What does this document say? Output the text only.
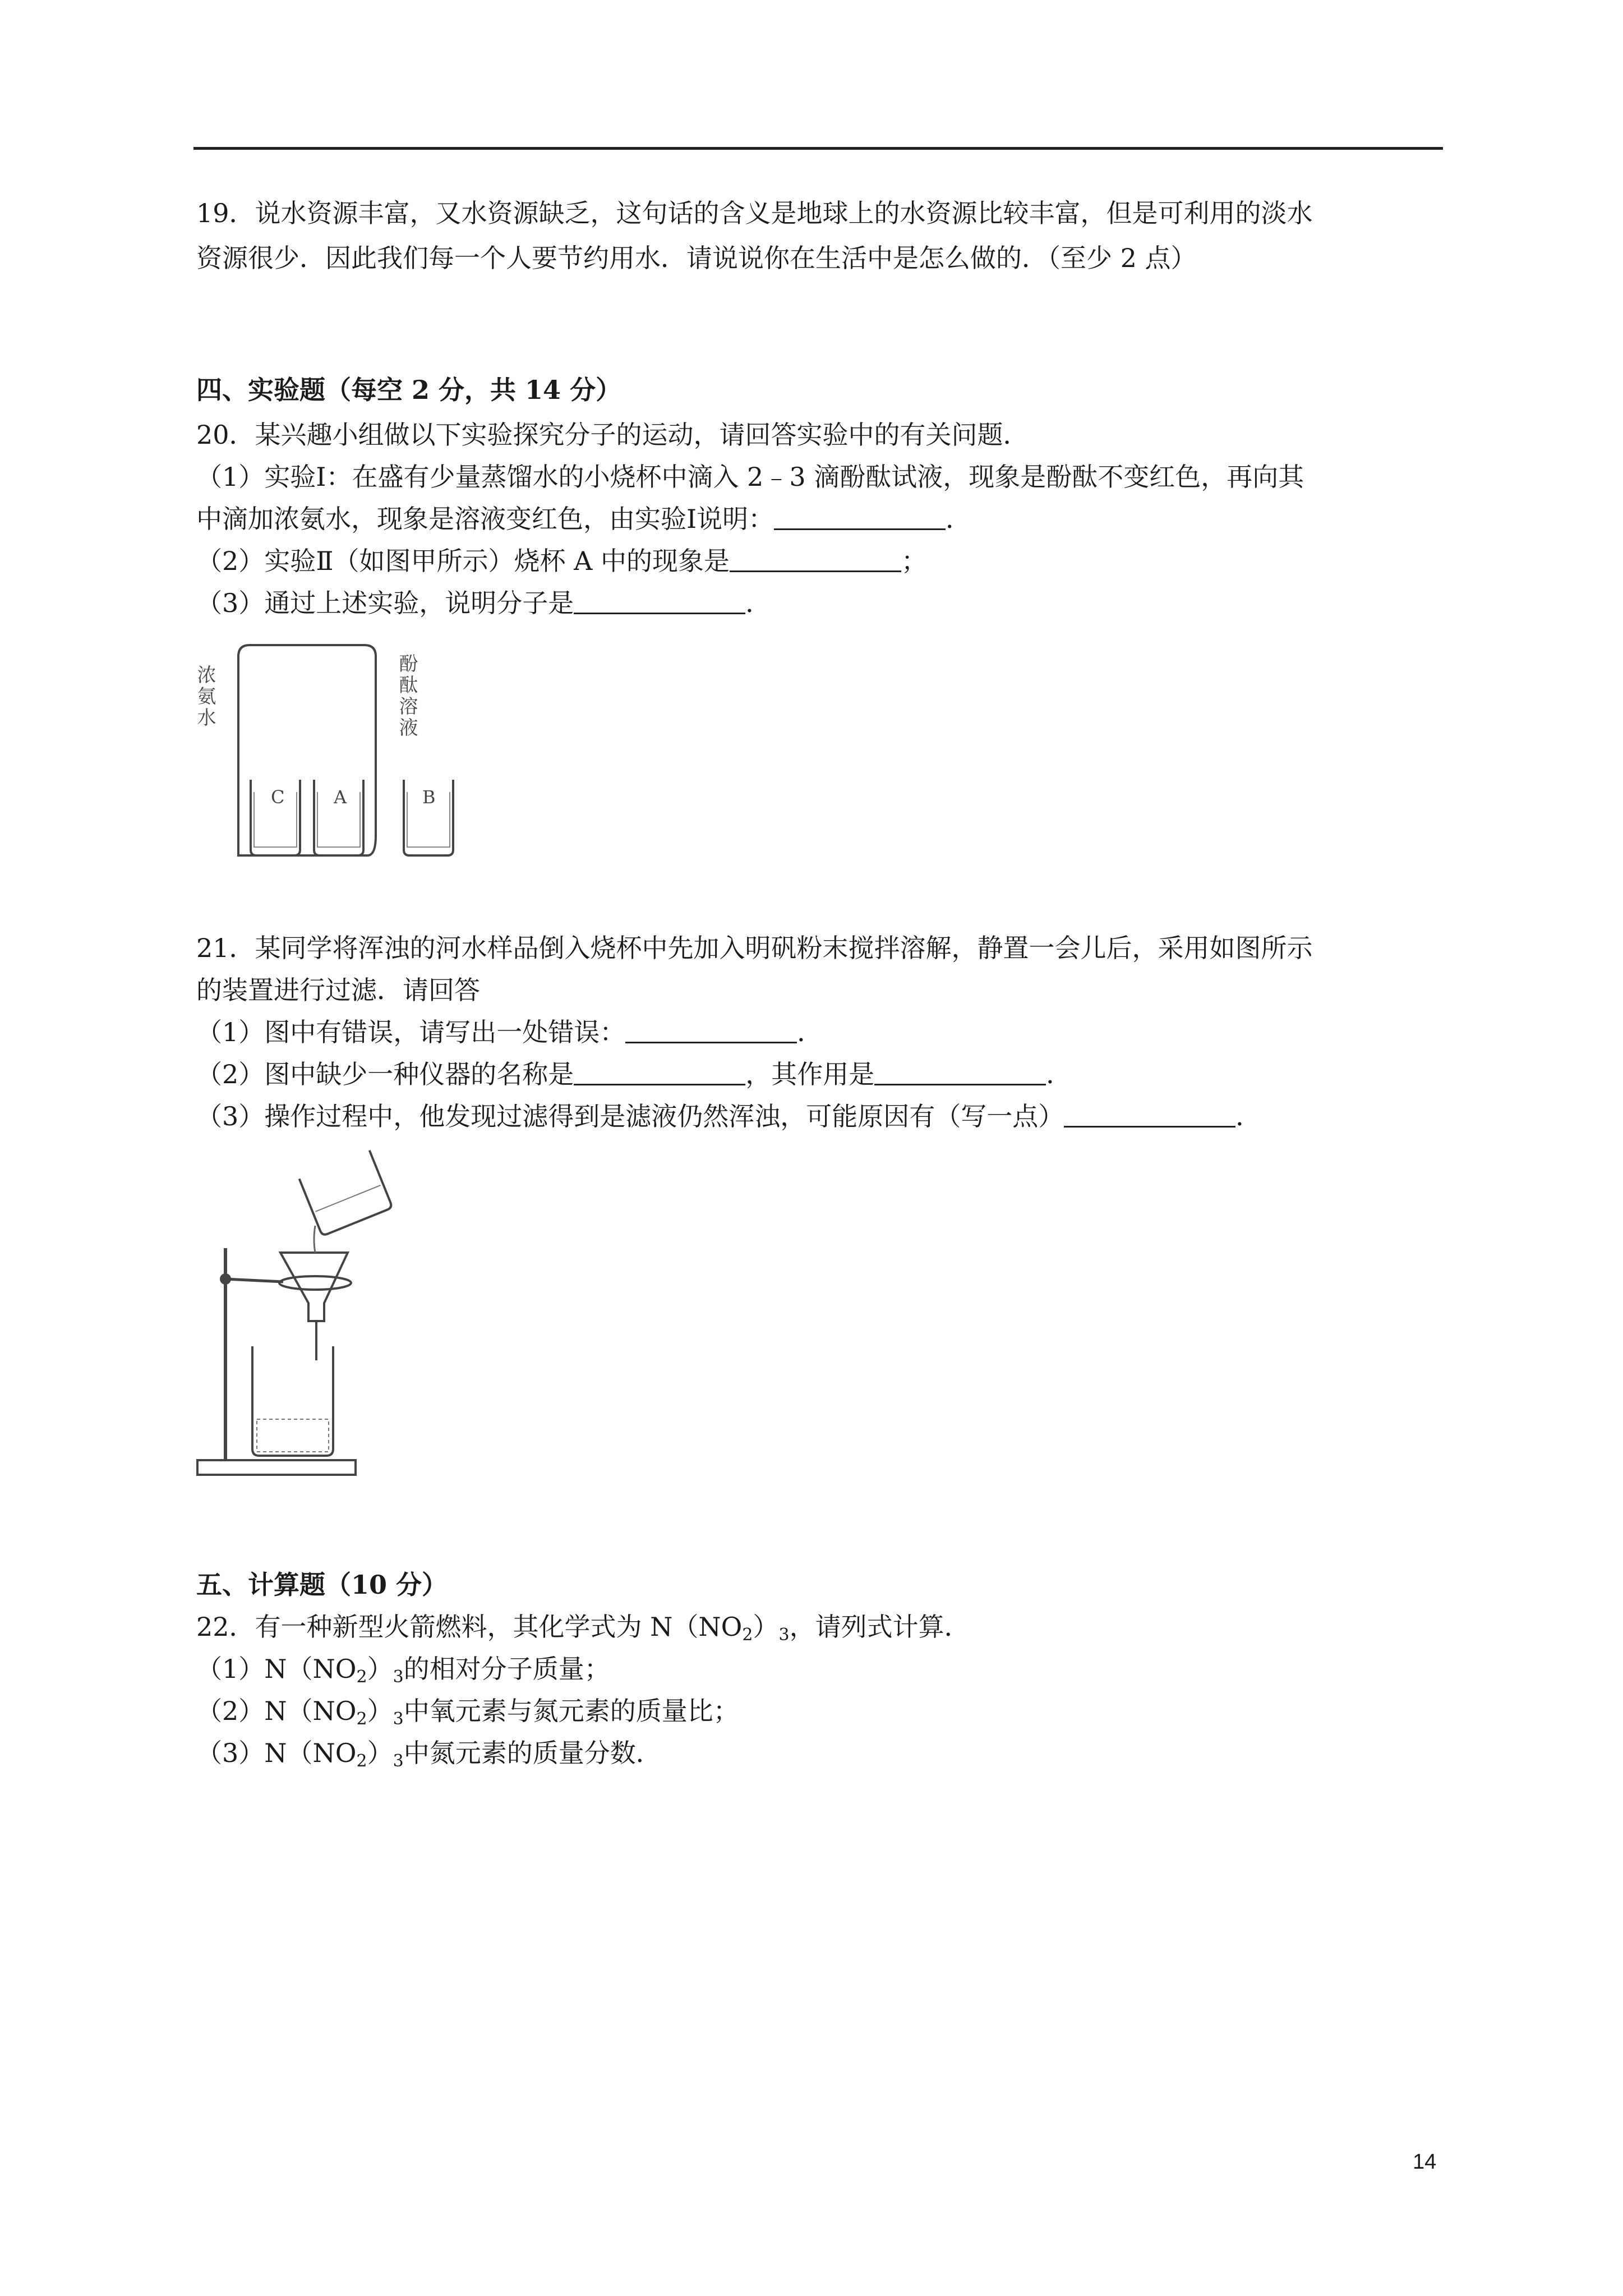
19．说水资源丰富，又水资源缺乏，这句话的含义是地球上的水资源比较丰富，但是可利用的淡水
资源很少．因此我们每一个人要节约用水．请说说你在生活中是怎么做的．（至少 2 点）
四、实验题（每空 2 分，共 14 分）
20．某兴趣小组做以下实验探究分子的运动，请回答实验中的有关问题．
（1）实验Ⅰ：在盛有少量蒸馏水的小烧杯中滴入 2﹣3 滴酚酞试液，现象是酚酞不变红色，再向其
中滴加浓氨水，现象是溶液变红色，由实验Ⅰ说明：	．
（2）实验Ⅱ（如图甲所示）烧杯 A 中的现象是	；
（3）通过上述实验，说明分子是	．
C	A	B
浓氨水	酚酞溶液
21．某同学将浑浊的河水样品倒入烧杯中先加入明矾粉末搅拌溶解，静置一会儿后，采用如图所示
的装置进行过滤．请回答
（1）图中有错误，请写出一处错误：	．
（2）图中缺少一种仪器的名称是	，其作用是	．
（3）操作过程中，他发现过滤得到是滤液仍然浑浊，可能原因有（写一点）	．
五、计算题（10 分）
22．有一种新型火箭燃料，其化学式为 $N(NO_2)_3$，请列式计算．
$(1)N(NO_2)_3$的相对分子质量；
$(2)N(NO_2)_3$中氧元素与氮元素的质量比；
$(3)N(NO_2)_3$中氮元素的质量分数．
14
